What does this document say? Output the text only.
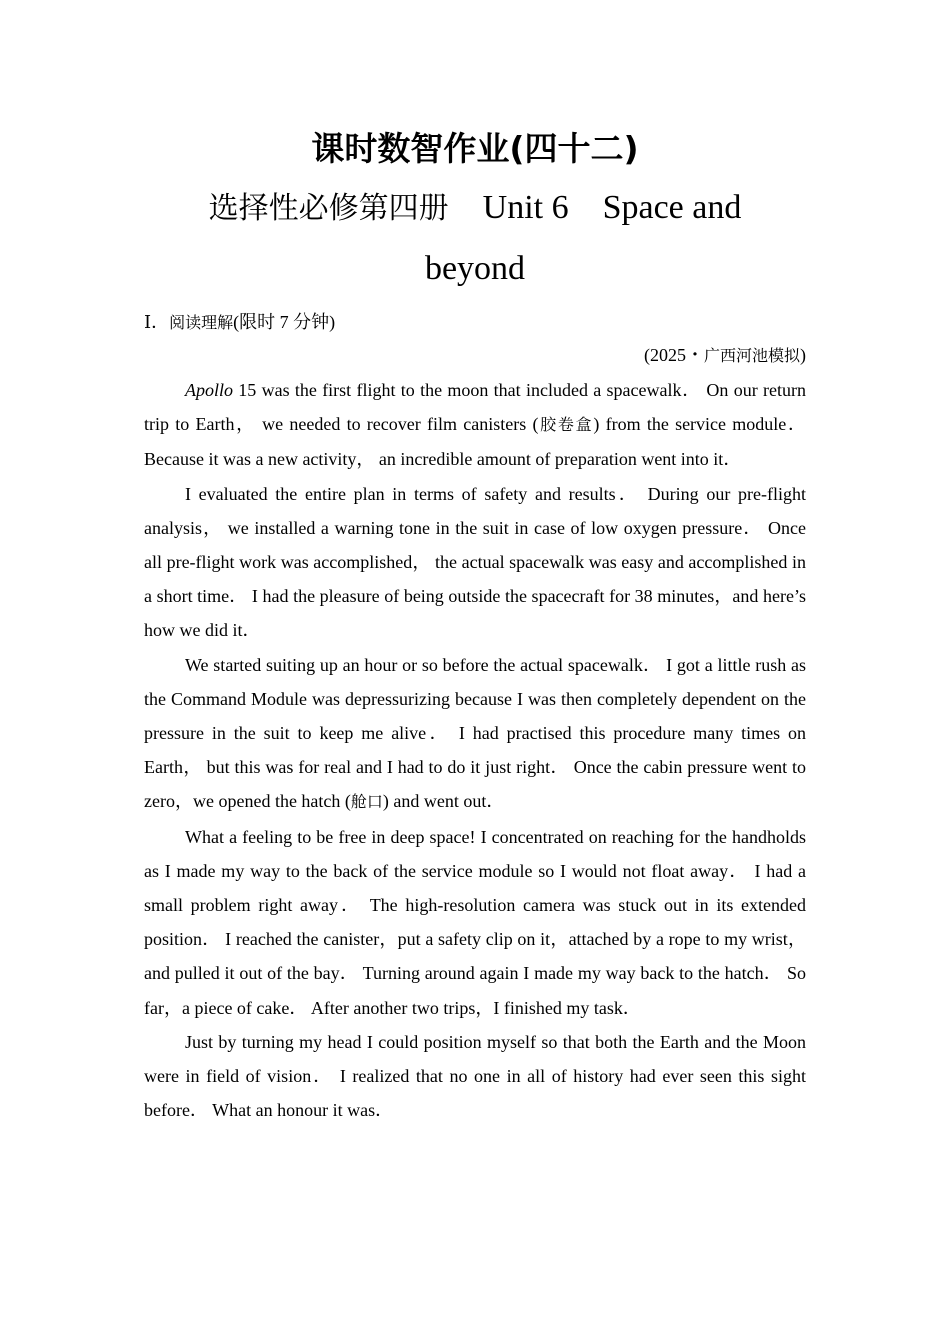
课时数智作业(四十二)
选择性必修第四册 Unit 6    Space and
beyond
Ⅰ．阅读理解(限时 7 分钟)
(2025・广西河池模拟)

Apollo 15 was the first flight to the moon that included a spacewalk． On our return trip to Earth， we needed to recover film canisters (胶卷盒) from the service module． Because it was a new activity， an incredible amount of preparation went into it．

I evaluated the entire plan in terms of safety and results． During our pre-flight analysis， we installed a warning tone in the suit in case of low oxygen pressure． Once all pre-flight work was accomplished， the actual spacewalk was easy and accomplished in a short time． I had the pleasure of being outside the spacecraft for 38 minutes，and here’s how we did it．

We started suiting up an hour or so before the actual spacewalk． I got a little rush as the Command Module was depressurizing because I was then completely dependent on the pressure in the suit to keep me alive． I had practised this procedure many times on Earth， but this was for real and I had to do it just right． Once the cabin pressure went to zero，we opened the hatch (舱口) and went out．

What a feeling to be free in deep space! I concentrated on reaching for the handholds as I made my way to the back of the service module so I would not float away． I had a small problem right away． The high-resolution camera was stuck out in its extended position． I reached the canister，put a safety clip on it，attached by a rope to my wrist，and pulled it out of the bay． Turning around again I made my way back to the hatch． So far，a piece of cake． After another two trips，I finished my task．

Just by turning my head I could position myself so that both the Earth and the Moon were in field of vision． I realized that no one in all of history had ever seen this sight before． What an honour it was．
